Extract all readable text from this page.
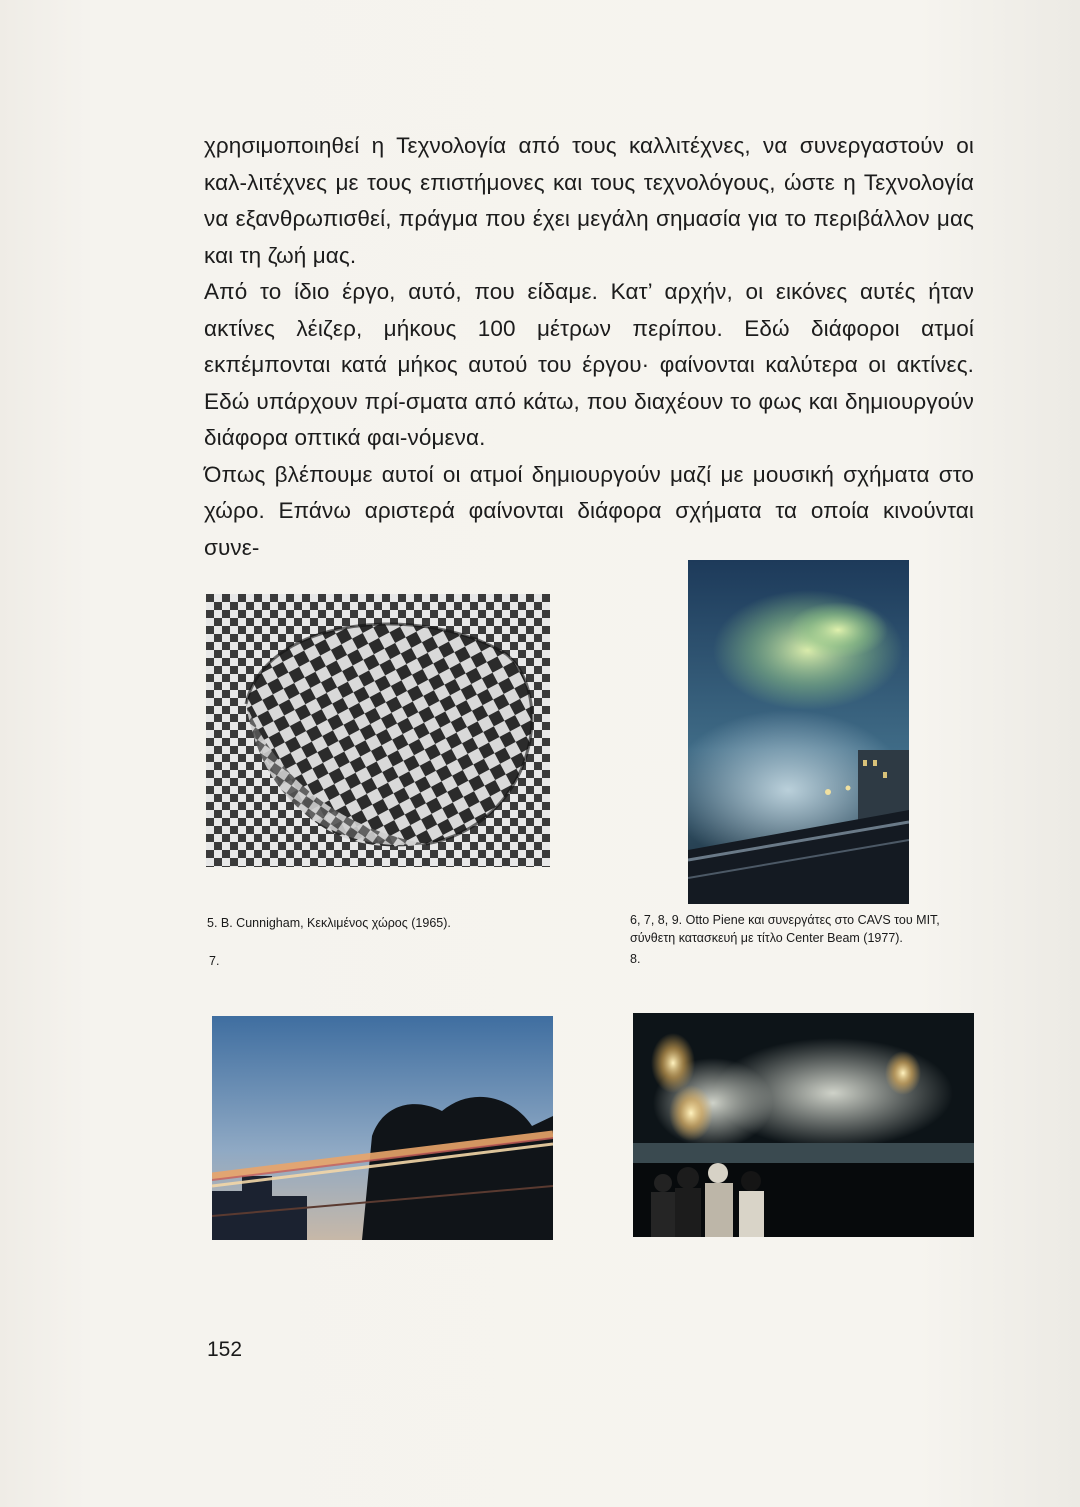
χρησιμοποιηθεί η Τεχνολογία από τους καλλιτέχνες, να συνεργαστούν οι καλ-λιτέχνες με τους επιστήμονες και τους τεχνολόγους, ώστε η Τεχνολογία να εξανθρωπισθεί, πράγμα που έχει μεγάλη σημασία για το περιβάλλον μας και τη ζωή μας.

Από το ίδιο έργο, αυτό, που είδαμε. Κατ’ αρχήν, οι εικόνες αυτές ήταν ακτίνες λέιζερ, μήκους 100 μέτρων περίπου. Εδώ διάφοροι ατμοί εκπέμπονται κατά μήκος αυτού του έργου· φαίνονται καλύτερα οι ακτίνες. Εδώ υπάρχουν πρί-σματα από κάτω, που διαχέουν το φως και δημιουργούν διάφορα οπτικά φαι-νόμενα.

Όπως βλέπουμε αυτοί οι ατμοί δημιουργούν μαζί με μουσική σχήματα στο χώρο. Επάνω αριστερά φαίνονται διάφορα σχήματα τα οποία κινούνται συνε-

5. B. Cunnigham, Κεκλιμένος χώρος (1965).	6, 7, 8, 9. Otto Piene και συνεργάτες στο CAVS του MIT,
σύνθετη κατασκευή με τίτλο Center Beam (1977).
7.	8.
152
